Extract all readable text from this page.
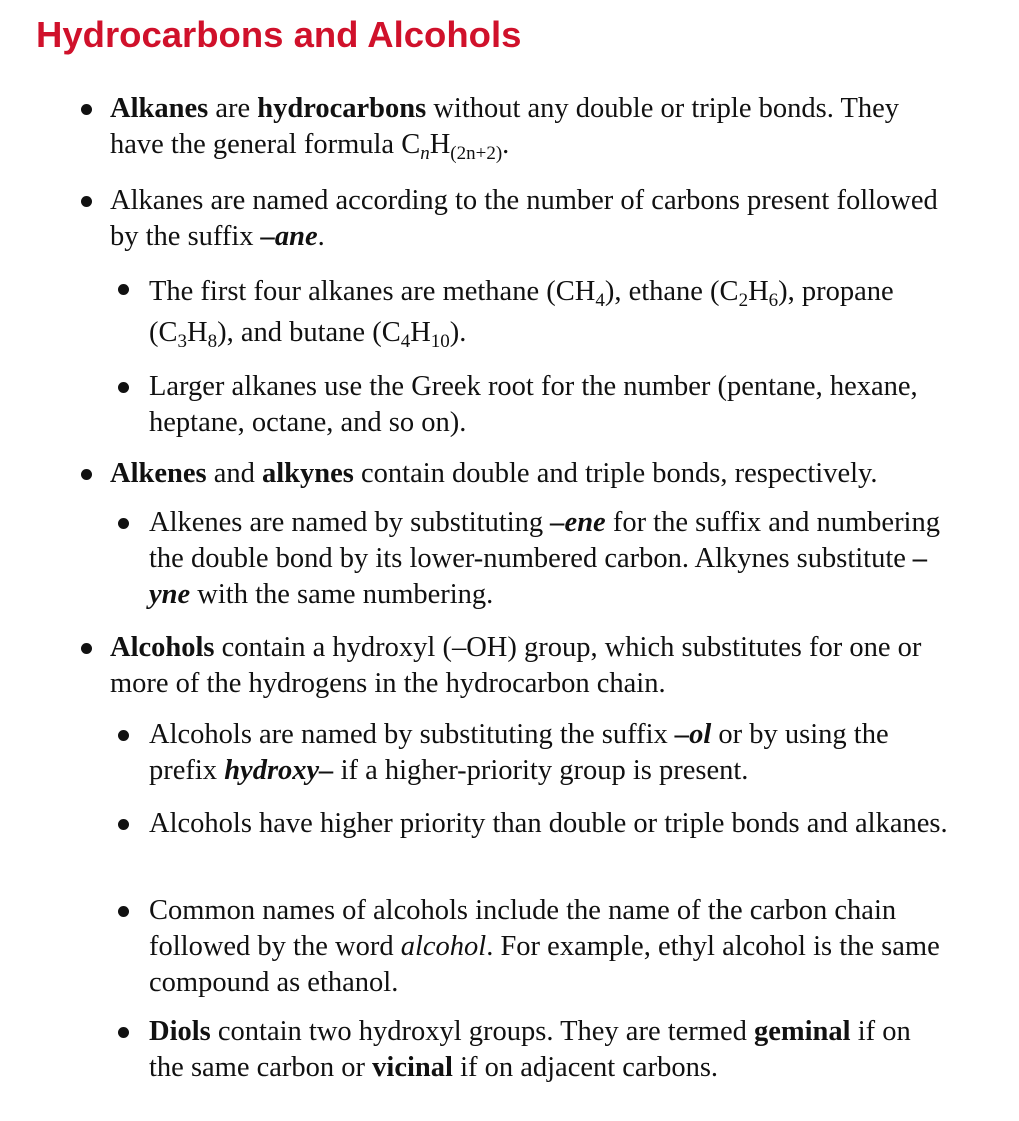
Hydrocarbons and Alcohols
Alkanes are hydrocarbons without any double or triple bonds. They have the general formula $C_nH_{(2n+2)}$.
Alkanes are named according to the number of carbons present followed by the suffix –ane.
The first four alkanes are methane $(CH_4)$, ethane $(C_2H_6)$, propane $(C_3H_8)$, and butane $(C_4H_{10})$.
Larger alkanes use the Greek root for the number (pentane, hexane, heptane, octane, and so on).
Alkenes and alkynes contain double and triple bonds, respectively.
Alkenes are named by substituting –ene for the suffix and numbering the double bond by its lower-numbered carbon. Alkynes substitute –yne with the same numbering.
Alcohols contain a hydroxyl (–OH) group, which substitutes for one or more of the hydrogens in the hydrocarbon chain.
Alcohols are named by substituting the suffix –ol or by using the prefix hydroxy– if a higher-priority group is present.
Alcohols have higher priority than double or triple bonds and alkanes.
Common names of alcohols include the name of the carbon chain followed by the word alcohol. For example, ethyl alcohol is the same compound as ethanol.
Diols contain two hydroxyl groups. They are termed geminal if on the same carbon or vicinal if on adjacent carbons.
